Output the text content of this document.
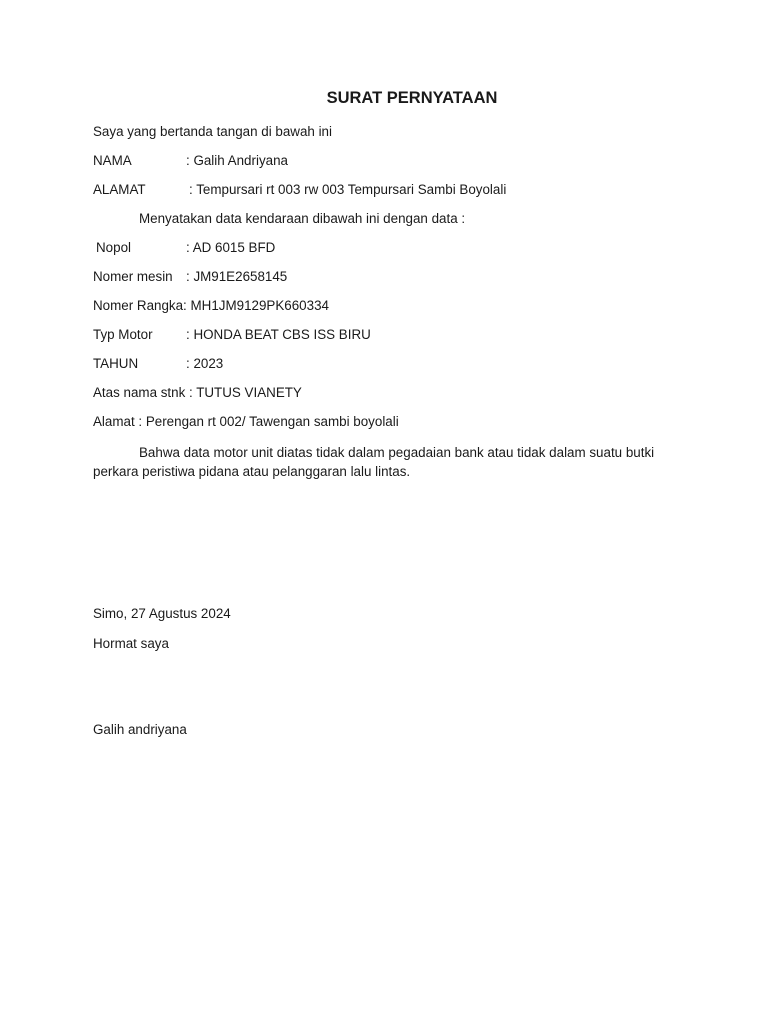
SURAT PERNYATAAN
Saya yang bertanda tangan di bawah ini
NAMA	: Galih Andriyana
ALAMAT	: Tempursari rt 003 rw 003 Tempursari Sambi Boyolali
Menyatakan data kendaraan dibawah ini dengan data :
Nopol	: AD 6015 BFD
Nomer mesin : JM91E2658145
Nomer Rangka: MH1JM9129PK660334
Typ Motor : HONDA BEAT CBS ISS BIRU
TAHUN	: 2023
Atas nama stnk : TUTUS VIANETY
Alamat : Perengan rt 002/ Tawengan sambi boyolali
Bahwa data motor unit diatas tidak dalam pegadaian bank atau tidak dalam suatu butki perkara peristiwa pidana atau pelanggaran lalu lintas.
Simo, 27 Agustus 2024
Hormat saya
Galih andriyana
